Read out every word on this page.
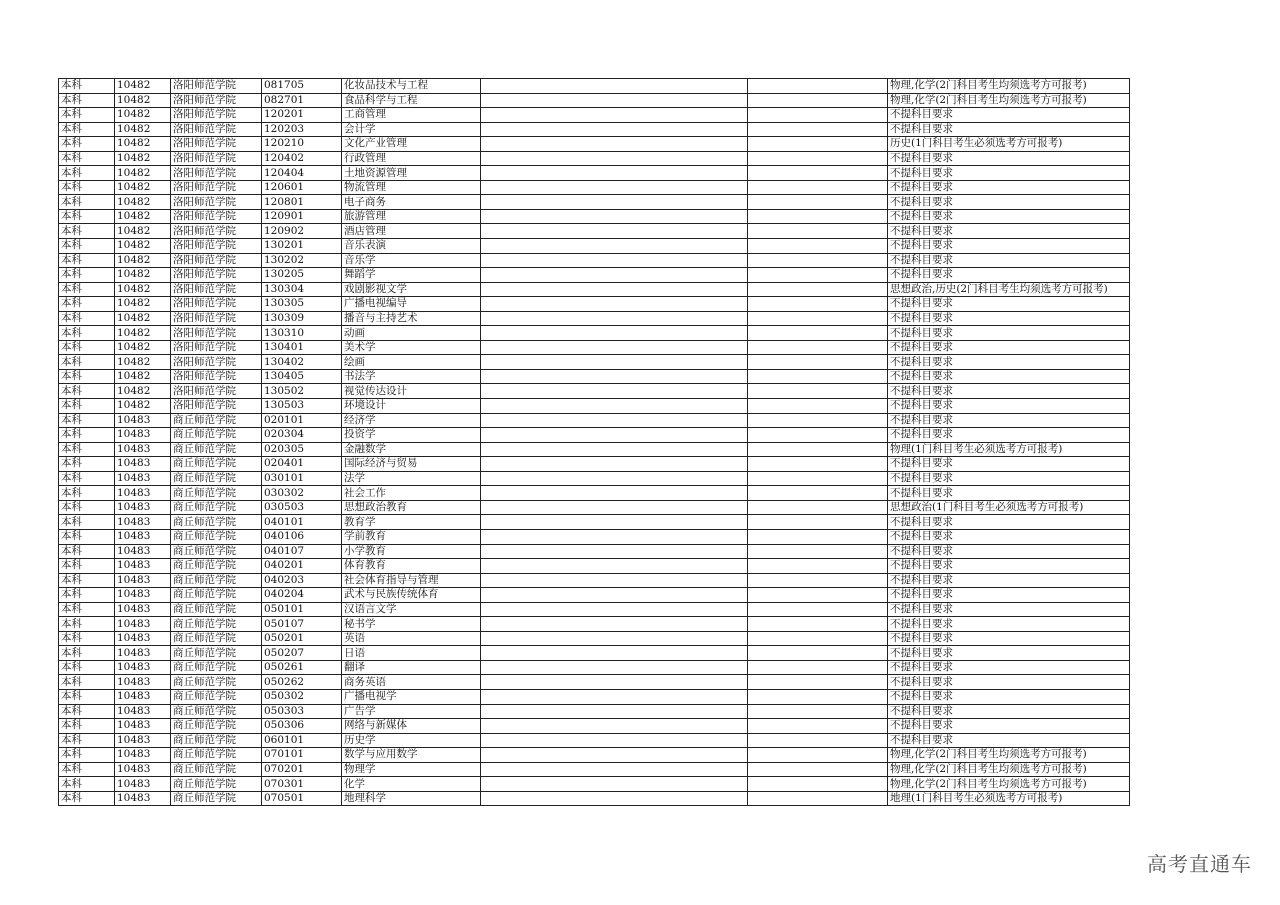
本科	10482	洛阳师范学院	081705	化妆品技术与工程			物理,化学(2门科目考生均须选考方可报考)
本科	10482	洛阳师范学院	082701	食品科学与工程			物理,化学(2门科目考生均须选考方可报考)
本科	10482	洛阳师范学院	120201	工商管理			不提科目要求
本科	10482	洛阳师范学院	120203	会计学			不提科目要求
本科	10482	洛阳师范学院	120210	文化产业管理			历史(1门科目考生必须选考方可报考)
本科	10482	洛阳师范学院	120402	行政管理			不提科目要求
本科	10482	洛阳师范学院	120404	土地资源管理			不提科目要求
本科	10482	洛阳师范学院	120601	物流管理			不提科目要求
本科	10482	洛阳师范学院	120801	电子商务			不提科目要求
本科	10482	洛阳师范学院	120901	旅游管理			不提科目要求
本科	10482	洛阳师范学院	120902	酒店管理			不提科目要求
本科	10482	洛阳师范学院	130201	音乐表演			不提科目要求
本科	10482	洛阳师范学院	130202	音乐学			不提科目要求
本科	10482	洛阳师范学院	130205	舞蹈学			不提科目要求
本科	10482	洛阳师范学院	130304	戏剧影视文学			思想政治,历史(2门科目考生均须选考方可报考)
本科	10482	洛阳师范学院	130305	广播电视编导			不提科目要求
本科	10482	洛阳师范学院	130309	播音与主持艺术			不提科目要求
本科	10482	洛阳师范学院	130310	动画			不提科目要求
本科	10482	洛阳师范学院	130401	美术学			不提科目要求
本科	10482	洛阳师范学院	130402	绘画			不提科目要求
本科	10482	洛阳师范学院	130405	书法学			不提科目要求
本科	10482	洛阳师范学院	130502	视觉传达设计			不提科目要求
本科	10482	洛阳师范学院	130503	环境设计			不提科目要求
本科	10483	商丘师范学院	020101	经济学			不提科目要求
本科	10483	商丘师范学院	020304	投资学			不提科目要求
本科	10483	商丘师范学院	020305	金融数学			物理(1门科目考生必须选考方可报考)
本科	10483	商丘师范学院	020401	国际经济与贸易			不提科目要求
本科	10483	商丘师范学院	030101	法学			不提科目要求
本科	10483	商丘师范学院	030302	社会工作			不提科目要求
本科	10483	商丘师范学院	030503	思想政治教育			思想政治(1门科目考生必须选考方可报考)
本科	10483	商丘师范学院	040101	教育学			不提科目要求
本科	10483	商丘师范学院	040106	学前教育			不提科目要求
本科	10483	商丘师范学院	040107	小学教育			不提科目要求
本科	10483	商丘师范学院	040201	体育教育			不提科目要求
本科	10483	商丘师范学院	040203	社会体育指导与管理			不提科目要求
本科	10483	商丘师范学院	040204	武术与民族传统体育			不提科目要求
本科	10483	商丘师范学院	050101	汉语言文学			不提科目要求
本科	10483	商丘师范学院	050107	秘书学			不提科目要求
本科	10483	商丘师范学院	050201	英语			不提科目要求
本科	10483	商丘师范学院	050207	日语			不提科目要求
本科	10483	商丘师范学院	050261	翻译			不提科目要求
本科	10483	商丘师范学院	050262	商务英语			不提科目要求
本科	10483	商丘师范学院	050302	广播电视学			不提科目要求
本科	10483	商丘师范学院	050303	广告学			不提科目要求
本科	10483	商丘师范学院	050306	网络与新媒体			不提科目要求
本科	10483	商丘师范学院	060101	历史学			不提科目要求
本科	10483	商丘师范学院	070101	数学与应用数学			物理,化学(2门科目考生均须选考方可报考)
本科	10483	商丘师范学院	070201	物理学			物理,化学(2门科目考生均须选考方可报考)
本科	10483	商丘师范学院	070301	化学			物理,化学(2门科目考生均须选考方可报考)
本科	10483	商丘师范学院	070501	地理科学			地理(1门科目考生必须选考方可报考)
高考直通车
